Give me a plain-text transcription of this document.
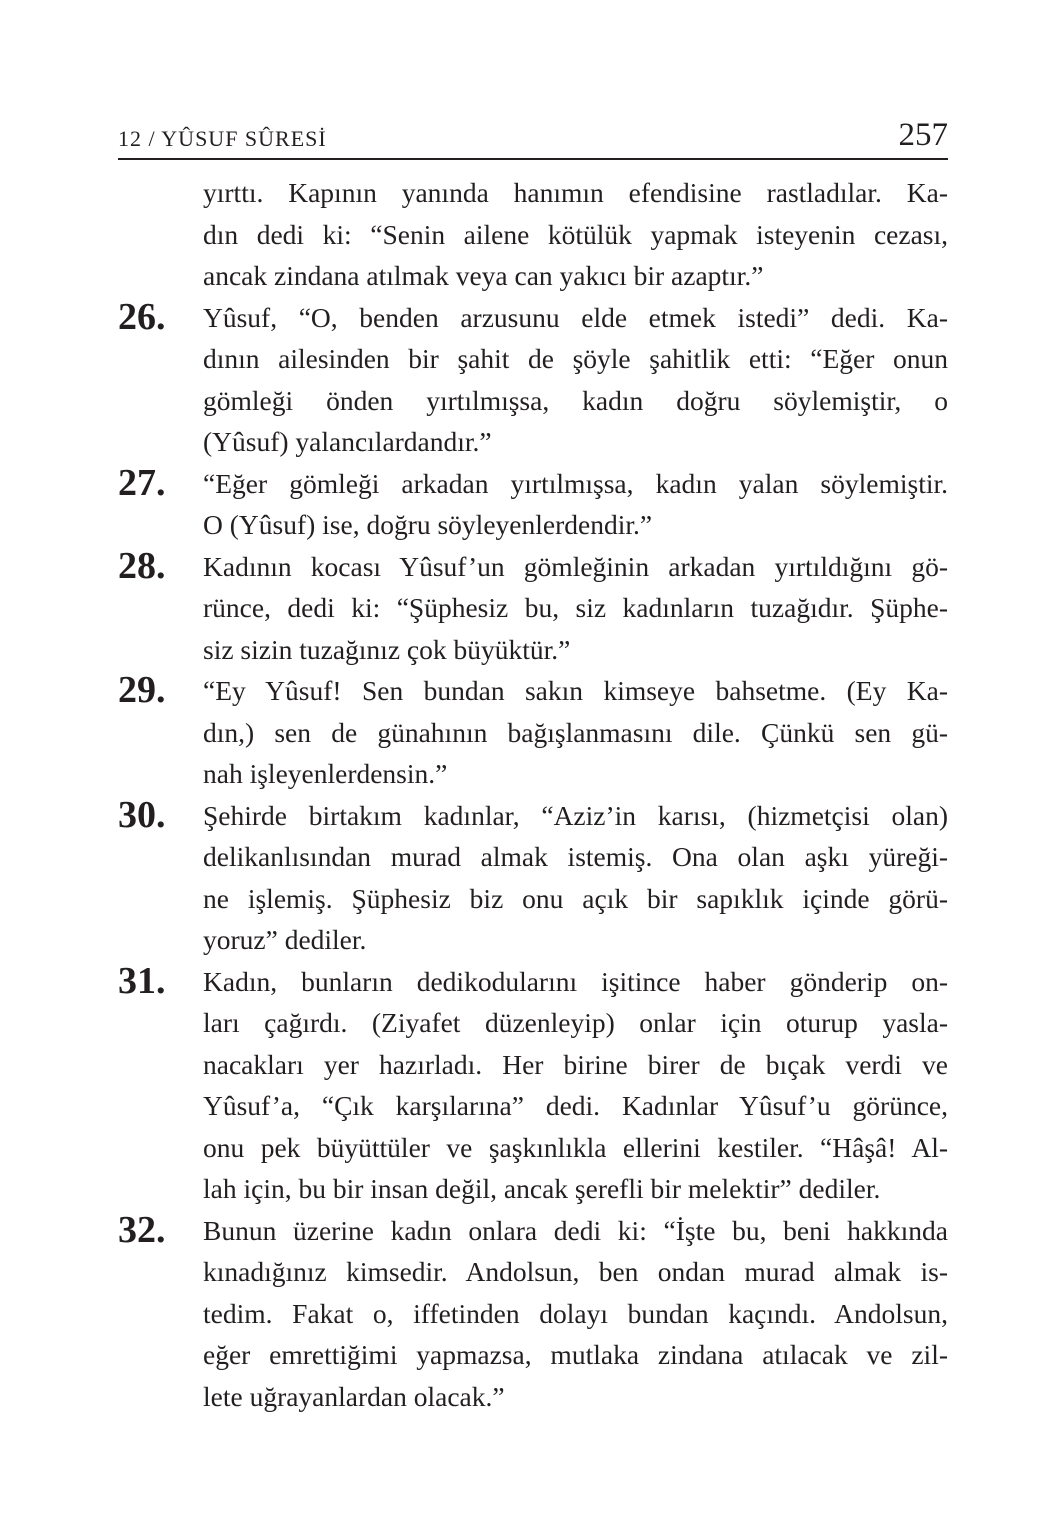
12 / YÛSUF SÛRESİ	257
yırttı. Kapının yanında hanımın efendisine rastladılar. Ka-
dın dedi ki: “Senin ailene kötülük yapmak isteyenin cezası,
ancak zindana atılmak veya can yakıcı bir azaptır.”
26. Yûsuf, “O, benden arzusunu elde etmek istedi” dedi. Ka-
dının ailesinden bir şahit de şöyle şahitlik etti: “Eğer onun
gömleği önden yırtılmışsa, kadın doğru söylemiştir, o
(Yûsuf) yalancılardandır.”
27. “Eğer gömleği arkadan yırtılmışsa, kadın yalan söylemiştir.
O (Yûsuf) ise, doğru söyleyenlerdendir.”
28. Kadının kocası Yûsuf’un gömleğinin arkadan yırtıldığını gö-
rünce, dedi ki: “Şüphesiz bu, siz kadınların tuzağıdır. Şüphe-
siz sizin tuzağınız çok büyüktür.”
29. “Ey Yûsuf! Sen bundan sakın kimseye bahsetme. (Ey Ka-
dın,) sen de günahının bağışlanmasını dile. Çünkü sen gü-
nah işleyenlerdensin.”
30. Şehirde birtakım kadınlar, “Aziz’in karısı, (hizmetçisi olan)
delikanlısından murad almak istemiş. Ona olan aşkı yüreği-
ne işlemiş. Şüphesiz biz onu açık bir sapıklık içinde görü-
yoruz” dediler.
31. Kadın, bunların dedikodularını işitince haber gönderip on-
ları çağırdı. (Ziyafet düzenleyip) onlar için oturup yasla-
nacakları yer hazırladı. Her birine birer de bıçak verdi ve
Yûsuf’a, “Çık karşılarına” dedi. Kadınlar Yûsuf’u görünce,
onu pek büyüttüler ve şaşkınlıkla ellerini kestiler. “Hâşâ! Al-
lah için, bu bir insan değil, ancak şerefli bir melektir” dediler.
32. Bunun üzerine kadın onlara dedi ki: “İşte bu, beni hakkında
kınadığınız kimsedir. Andolsun, ben ondan murad almak is-
tedim. Fakat o, iffetinden dolayı bundan kaçındı. Andolsun,
eğer emrettiğimi yapmazsa, mutlaka zindana atılacak ve zil-
lete uğrayanlardan olacak.”
